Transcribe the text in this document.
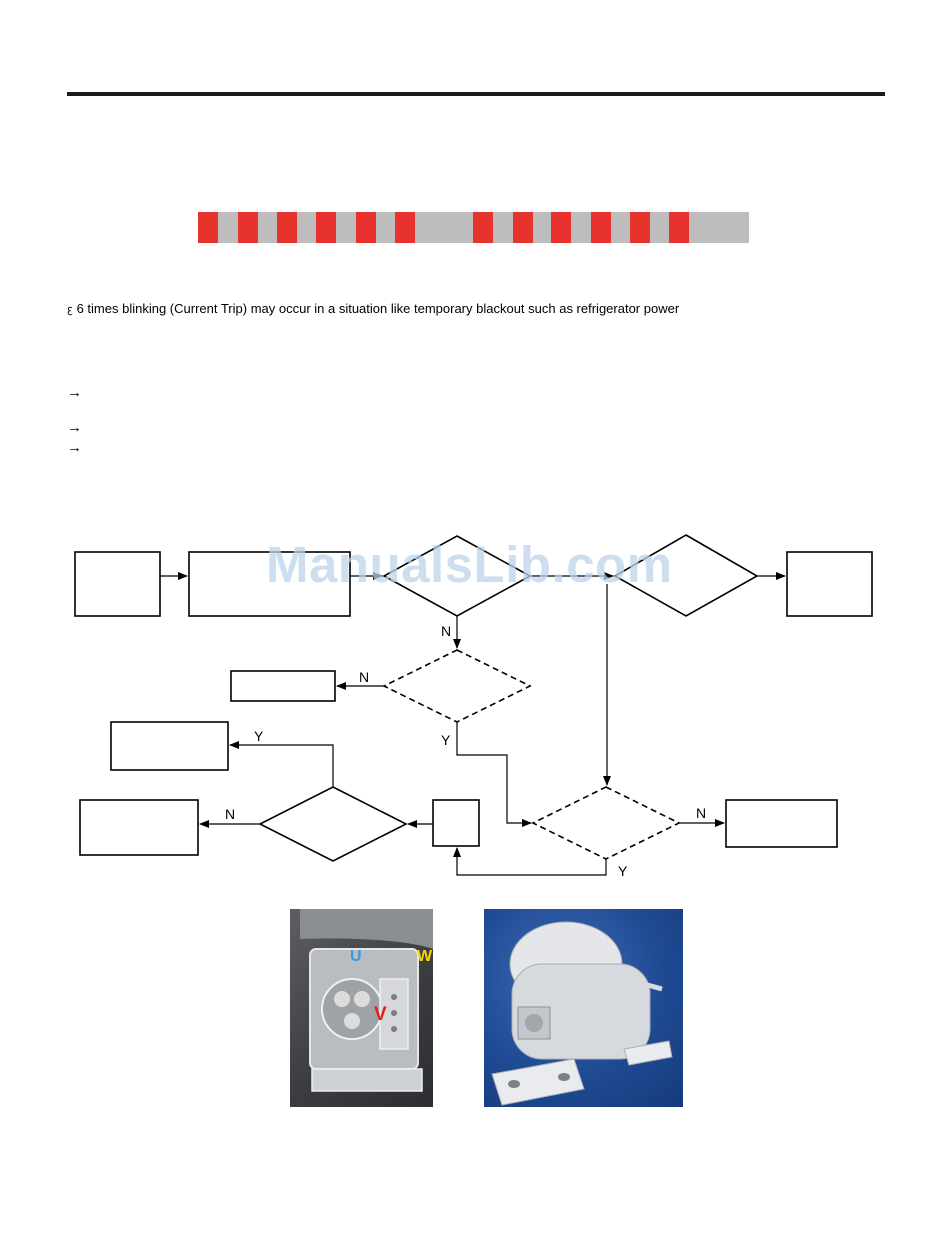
ꜫ 6 times blinking (Current Trip) may occur in a situation like temporary blackout such as refrigerator power
→
→
→
N
N
Y
Y
N	N
Y
ManualsLib.com
U	W
V
